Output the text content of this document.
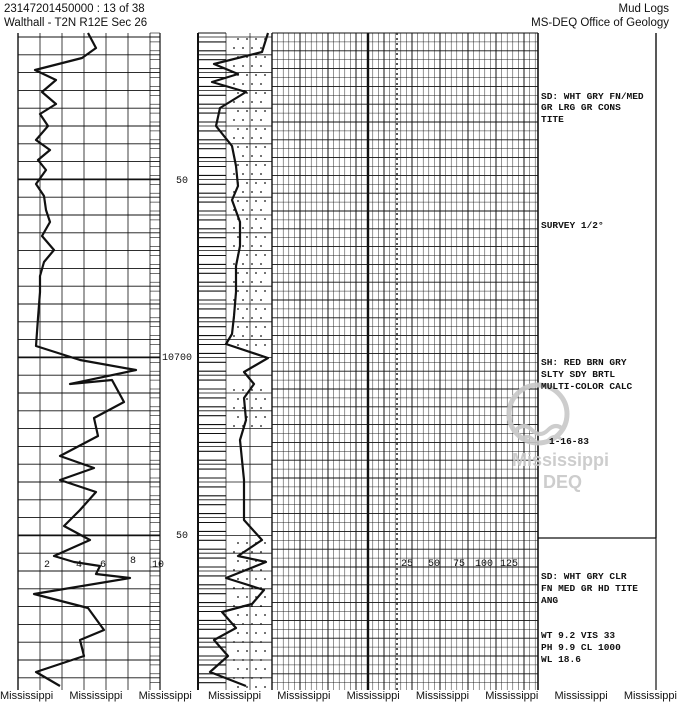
23147201450000 : 13 of 38
Walthall - T2N R12E Sec 26
Mud Logs
MS-DEQ Office of Geology
50
10700
50
2	4 6 8 10	25 50 75 100 125
Mississippi
DEQ
SD: WHT GRY FN/MED
GR LRG GR CONS
TITE
SURVEY 1/2°
SH: RED BRN GRY
SLTY SDY BRTL
MULTI-COLOR CALC
1-16-83
SD: WHT GRY CLR
FN MED GR HD TITE
ANG
WT 9.2 VIS 33
PH 9.9 CL 1000
WL 18.6
Mississippi Mississippi Mississippi Mississippi Mississippi Mississippi Mississippi Mississippi Mississippi Mississippi
